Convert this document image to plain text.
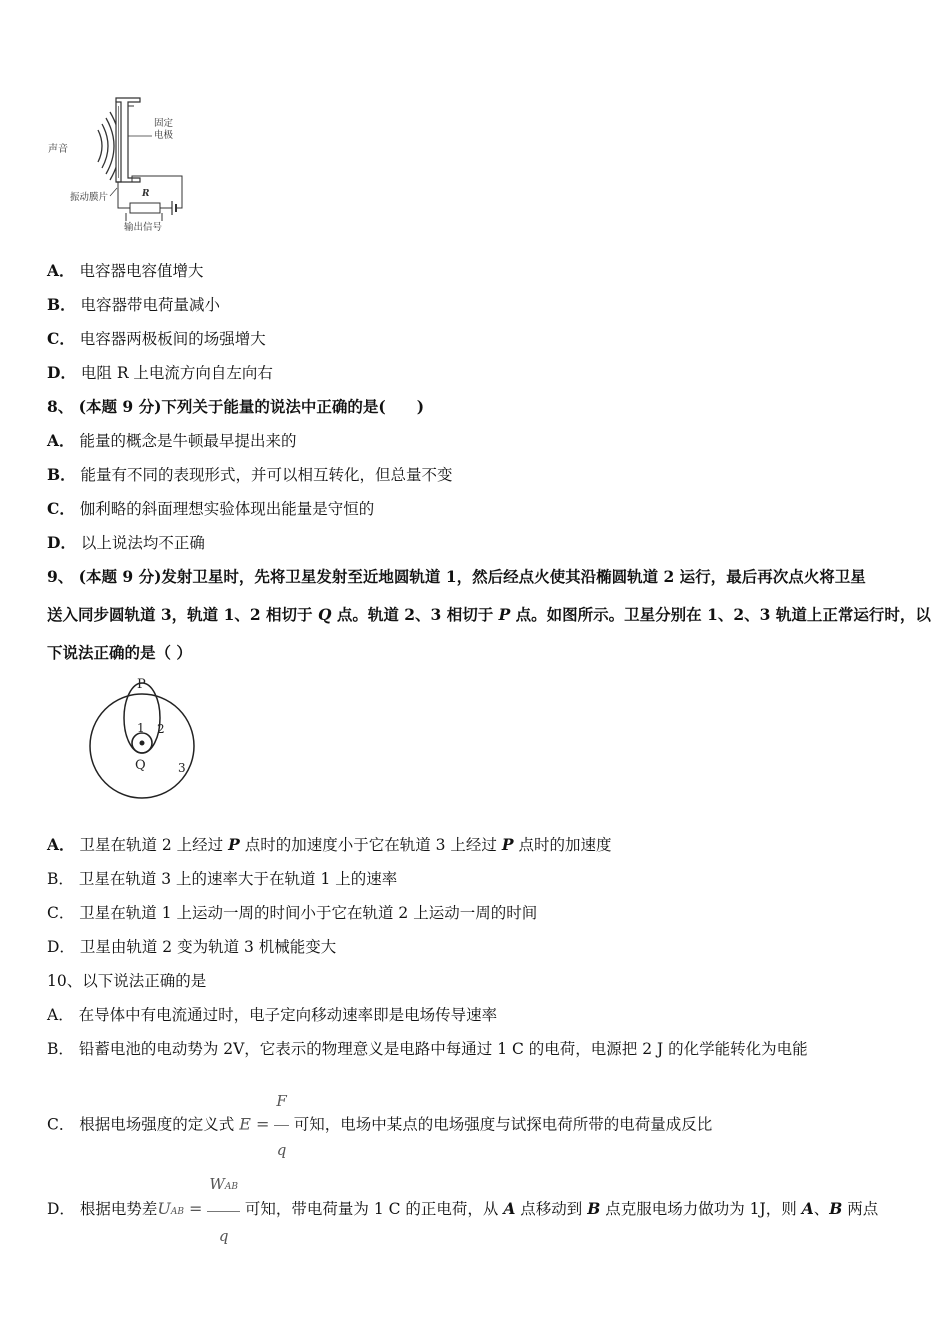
声音
固定
电极
R
振动膜片
输出信号
A． 电容器电容值增大
B． 电容器带电荷量减小
C． 电容器两极板间的场强增大
D． 电阻 R 上电流方向自左向右
8、 (本题 9 分)下列关于能量的说法中正确的是(　　)
A． 能量的概念是牛顿最早提出来的
B． 能量有不同的表现形式，并可以相互转化，但总量不变
C． 伽利略的斜面理想实验体现出能量是守恒的
D． 以上说法均不正确
9、 (本题 9 分)发射卫星时，先将卫星发射至近地圆轨道 1，然后经点火使其沿椭圆轨道 2 运行，最后再次点火将卫星
送入同步圆轨道 3，轨道 1、2 相切于 Q 点。轨道 2、3 相切于 P 点。如图所示。卫星分别在 1、2、3 轨道上正常运行时，以
下说法正确的是（ ）
P
Q
1 2
3
A． 卫星在轨道 2 上经过 P 点时的加速度小于它在轨道 3 上经过 P 点时的加速度
B． 卫星在轨道 3 上的速率大于在轨道 1 上的速率
C． 卫星在轨道 1 上运动一周的时间小于它在轨道 2 上运动一周的时间
D． 卫星由轨道 2 变为轨道 3 机械能变大
10、以下说法正确的是
A． 在导体中有电流通过时，电子定向移动速率即是电场传导速率
B． 铅蓄电池的电动势为 2V，它表示的物理意义是电路中每通过 1 C 的电荷，电源把 2 J 的化学能转化为电能
C． 根据电场强度的定义式 $E = \frac{F}{q}$ 可知，电场中某点的电场强度与试探电荷所带的电荷量成反比
D． 根据电势差UAB = $\frac{\text{WAB}}{q}$ 可知，带电荷量为 1 C 的正电荷，从 A 点移动到 B 点克服电场力做功为 1J，则 A、B 两点
